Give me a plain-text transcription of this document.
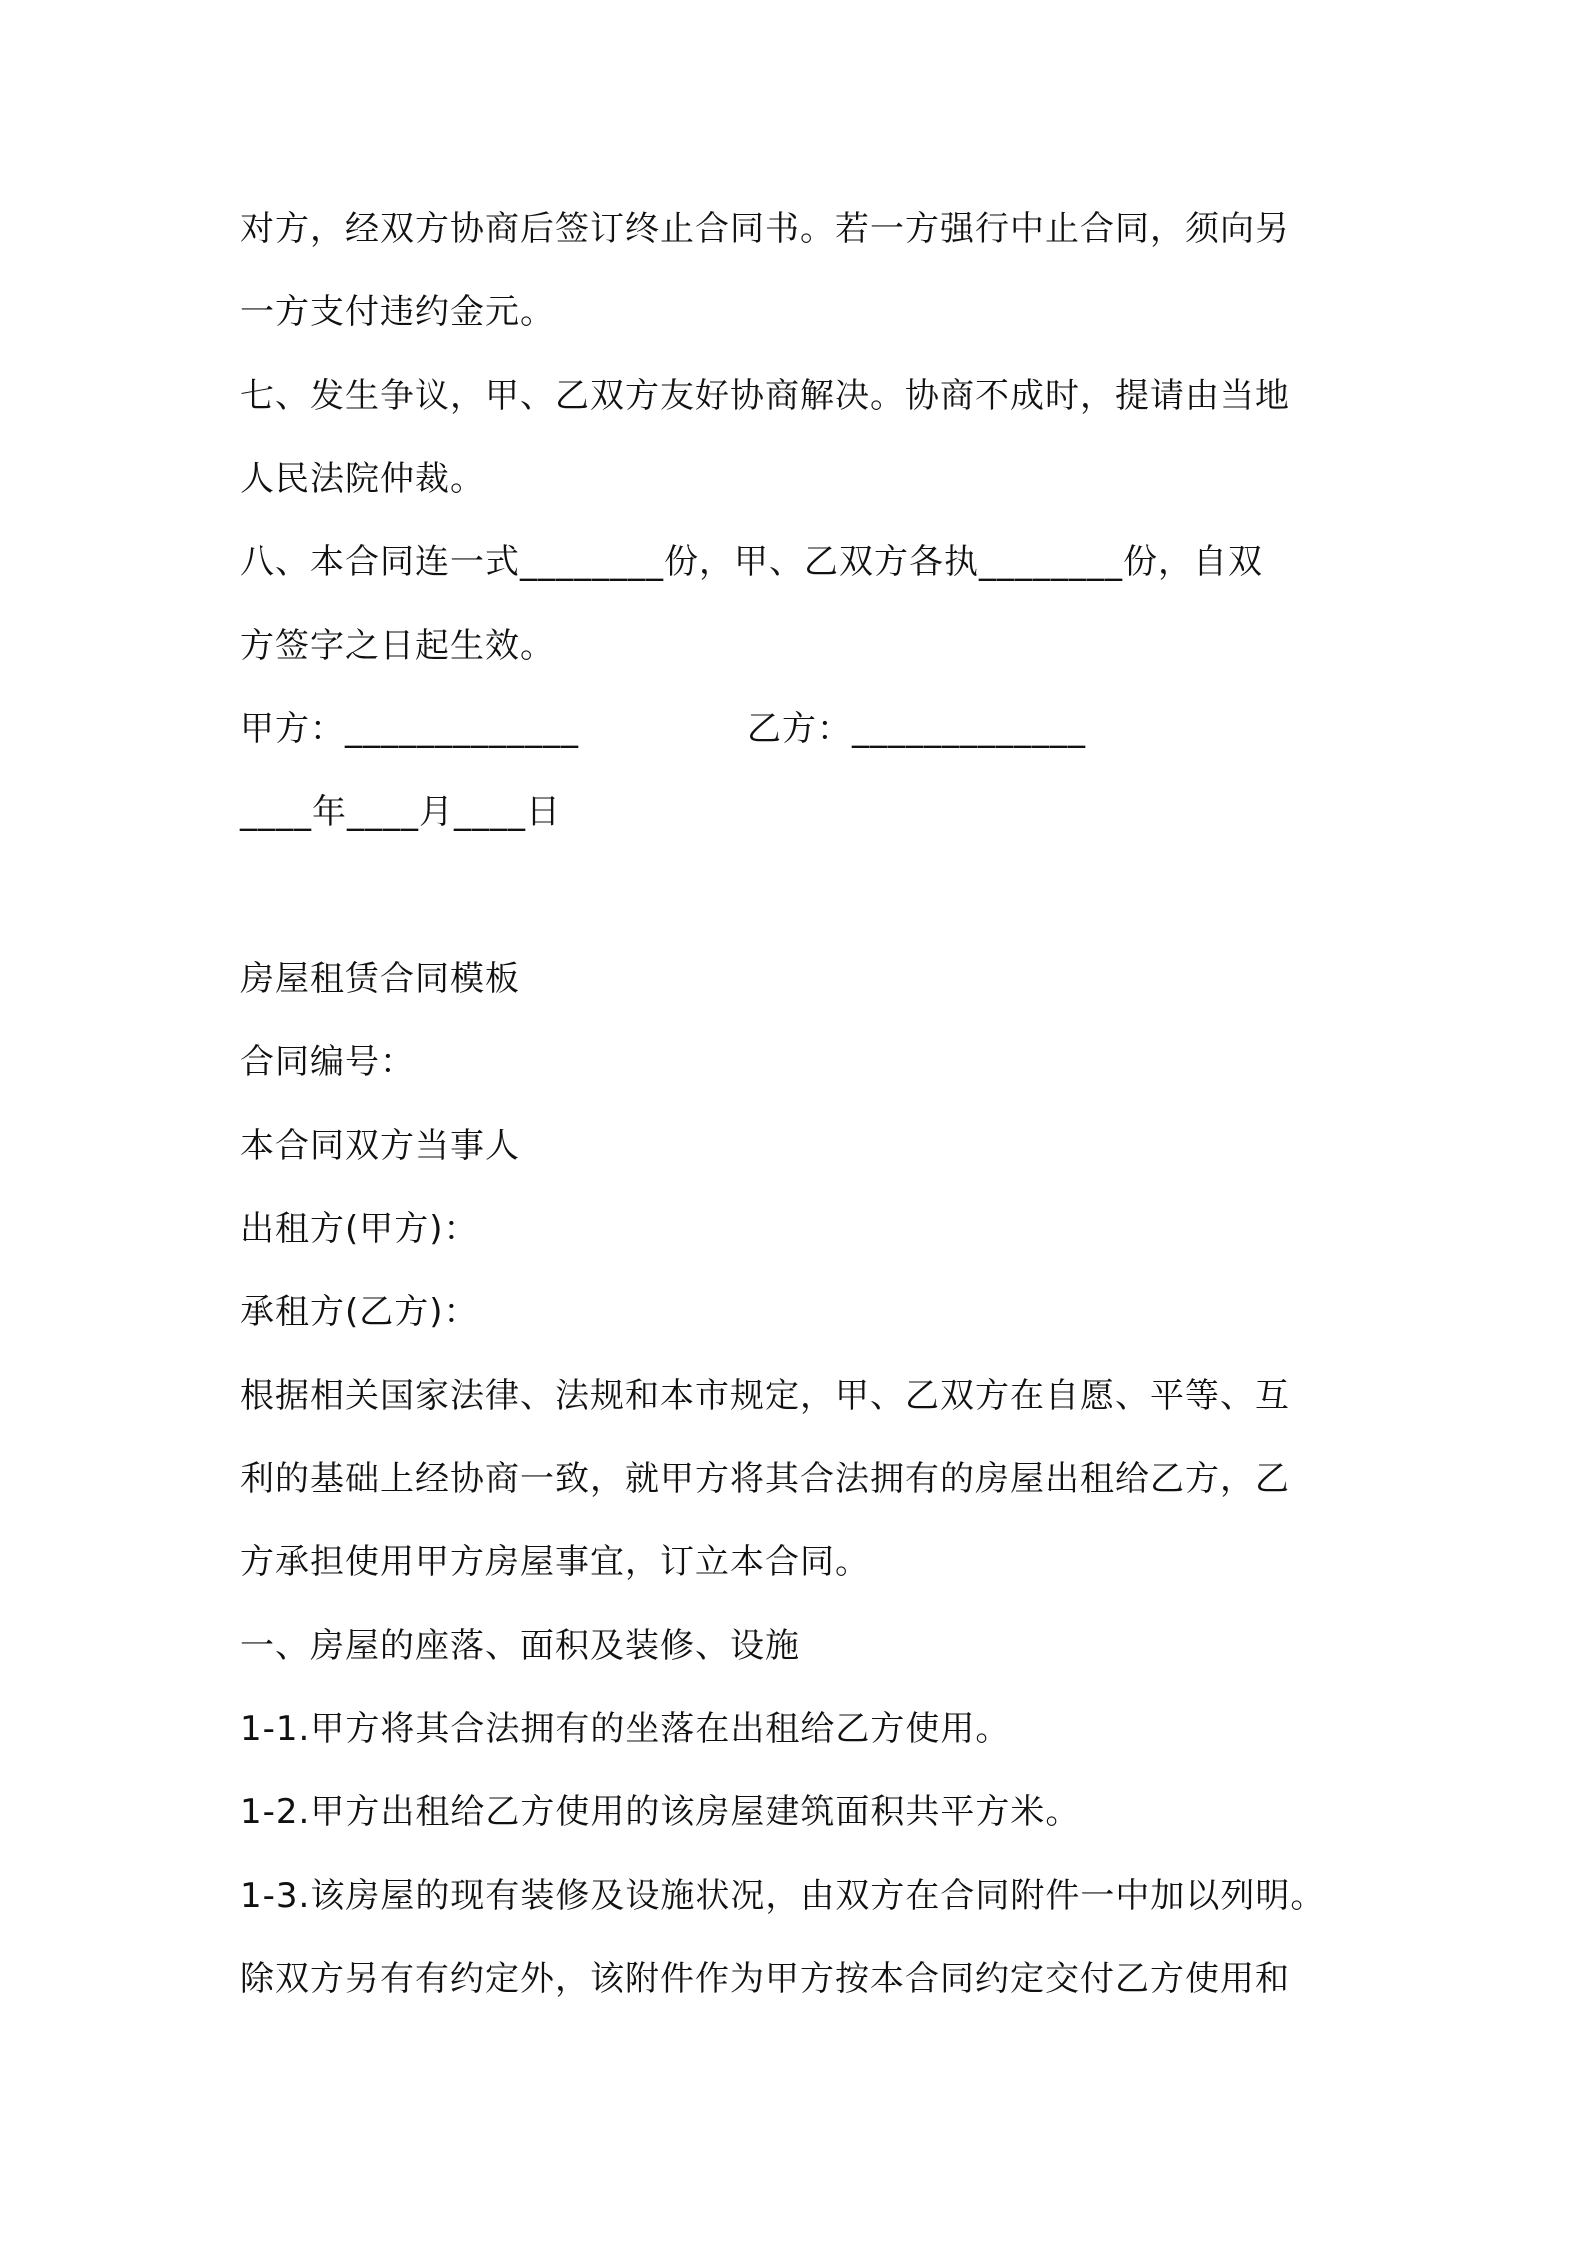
对方，经双方协商后签订终止合同书。若一方强行中止合同，须向另
一方支付违约金元。
七、发生争议，甲、乙双方友好协商解决。协商不成时，提请由当地
人民法院仲裁。
八、本合同连一式________份，甲、乙双方各执________份，自双
方签字之日起生效。
甲方：_____________	乙方：_____________
____年____月____日
房屋租赁合同模板
合同编号：
本合同双方当事人
出租方(甲方)：
承租方(乙方)：
根据相关国家法律、法规和本市规定，甲、乙双方在自愿、平等、互
利的基础上经协商一致，就甲方将其合法拥有的房屋出租给乙方，乙
方承担使用甲方房屋事宜，订立本合同。
一、房屋的座落、面积及装修、设施
1-1.甲方将其合法拥有的坐落在出租给乙方使用。
1-2.甲方出租给乙方使用的该房屋建筑面积共平方米。
1-3.该房屋的现有装修及设施状况，由双方在合同附件一中加以列明。
除双方另有有约定外，该附件作为甲方按本合同约定交付乙方使用和
